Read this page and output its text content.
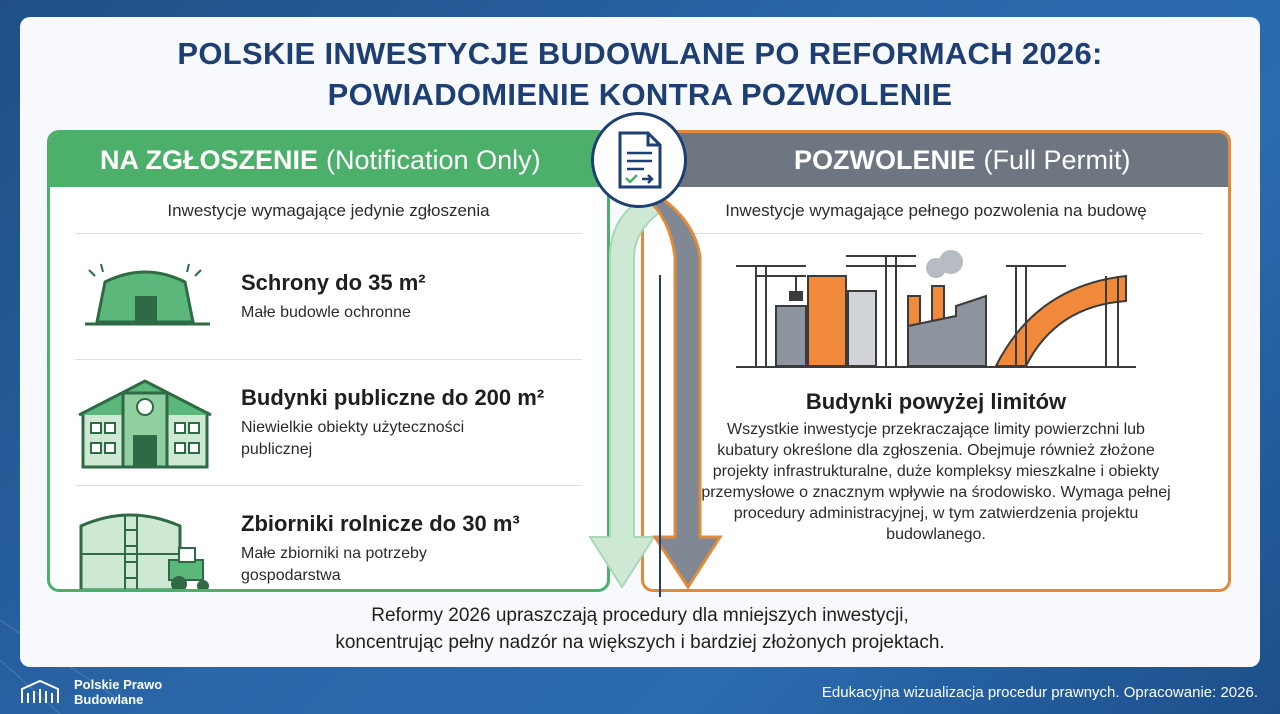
POLSKIE INWESTYCJE BUDOWLANE PO REFORMACH 2026:
POWIADOMIENIE KONTRA POZWOLENIE
NA ZGŁOSZENIE (Notification Only)
Inwestycje wymagające jedynie zgłoszenia
Schrony do 35 m²
Małe budowle ochronne
Budynki publiczne do 200 m²
Niewielkie obiekty użyteczności publicznej
Zbiorniki rolnicze do 30 m³
Małe zbiorniki na potrzeby gospodarstwa
POZWOLENIE (Full Permit)
Inwestycje wymagające pełnego pozwolenia na budowę
Budynki powyżej limitów
Wszystkie inwestycje przekraczające limity powierzchni lub kubatury określone dla zgłoszenia. Obejmuje również złożone projekty infrastrukturalne, duże kompleksy mieszkalne i obiekty przemysłowe o znacznym wpływie na środowisko. Wymaga pełnej procedury administracyjnej, w tym zatwierdzenia projektu budowlanego.
Reformy 2026 upraszczają procedury dla mniejszych inwestycji,
koncentrując pełny nadzór na większych i bardziej złożonych projektach.
Polskie Prawo
Budowlane	Edukacyjna wizualizacja procedur prawnych. Opracowanie: 2026.
